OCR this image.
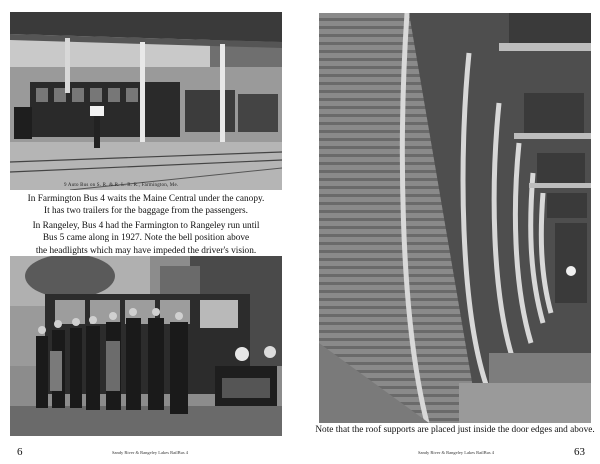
9 Auto Bus on S. R. & R. L. R. R., Farmington, Me.
In Farmington Bus 4 waits the Maine Central under the canopy.
It has two trailers for the baggage from the passengers.
In Rangeley, Bus 4 had the Farmington to Rangeley run until
Bus 5 came along in 1927. Note the bell position above
the headlights which may have impeded the driver's vision.
6	Sandy River & Rangeley Lakes RailBus 4
Note that the roof supports are placed just inside the door edges and above.
Sandy River & Rangeley Lakes RailBus 4	63
